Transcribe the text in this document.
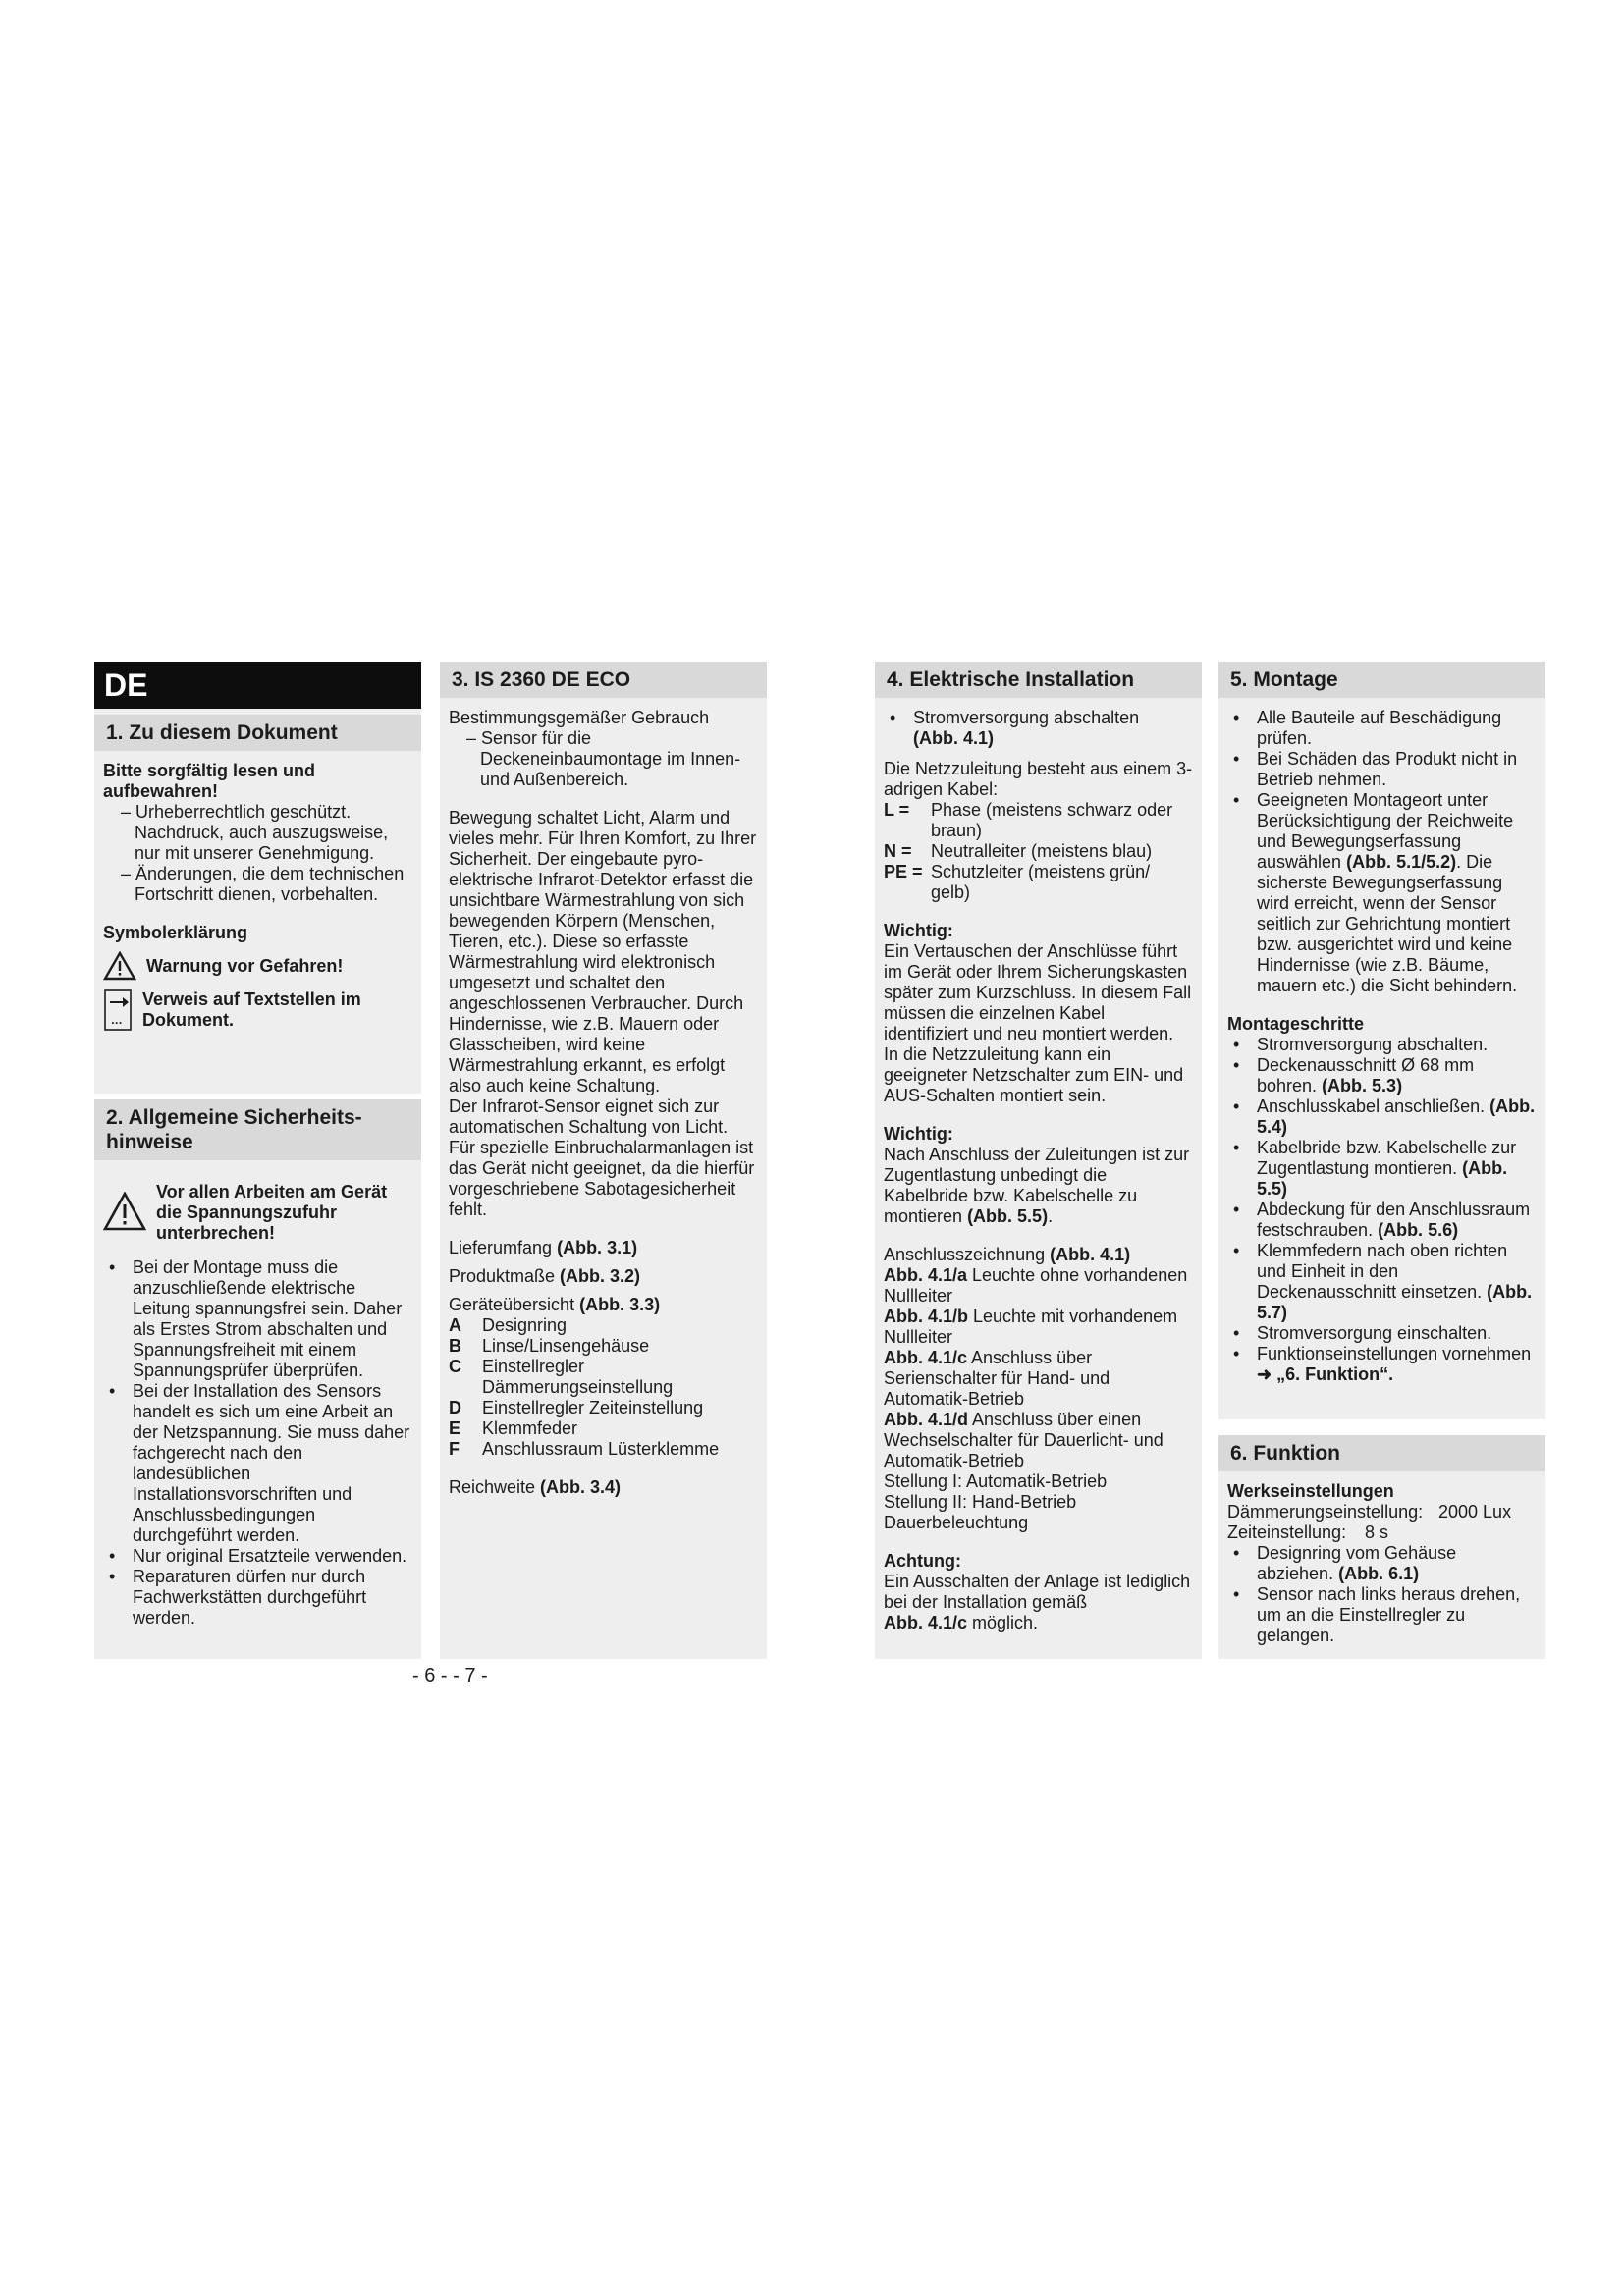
DE
1. Zu diesem Dokument

Bitte sorgfältig lesen und aufbewahren!

– Urheberrechtlich geschützt. Nachdruck, auch auszugsweise, nur mit unserer Genehmigung.

– Änderungen, die dem technischen Fortschritt dienen, vorbehalten.

Symbolerklärung

Warnung vor Gefahren!
...
Verweis auf Textstellen im Dokument.
2. Allgemeine Sicherheits- hinweise
Vor allen Arbeiten am Gerät die Spannungszufuhr unterbrechen!

• Bei der Montage muss die anzuschließende elektrische Leitung spannungsfrei sein. Daher als Erstes Strom abschalten und Spannungsfreiheit mit einem Spannungsprüfer überprüfen.

• Bei der Installation des Sensors handelt es sich um eine Arbeit an der Netzspannung. Sie muss daher fachgerecht nach den landesüblichen Installationsvorschriften und Anschlussbedingungen durchgeführt werden.

• Nur original Ersatzteile verwenden.

• Reparaturen dürfen nur durch Fachwerkstätten durchgeführt werden.

3. IS 2360 DE ECO

Bestimmungsgemäßer Gebrauch

– Sensor für die Deckeneinbaumontage im Innen- und Außenbereich.

Bewegung schaltet Licht, Alarm und vieles mehr. Für Ihren Komfort, zu Ihrer Sicherheit. Der eingebaute pyro-elektrische Infrarot-Detektor erfasst die unsichtbare Wärmestrahlung von sich bewegenden Körpern (Menschen, Tieren, etc.). Diese so erfasste Wärmestrahlung wird elektronisch umgesetzt und schaltet den angeschlossenen Verbraucher. Durch Hindernisse, wie z.B. Mauern oder Glasscheiben, wird keine Wärmestrahlung erkannt, es erfolgt also auch keine Schaltung.

Der Infrarot-Sensor eignet sich zur automatischen Schaltung von Licht. Für spezielle Einbruchalarmanlagen ist das Gerät nicht geeignet, da die hierfür vorgeschriebene Sabotagesicherheit fehlt.

Lieferumfang (Abb. 3.1)

Produktmaße (Abb. 3.2)

Geräteübersicht (Abb. 3.3)

A	Designring
B	Linse/Linsengehäuse
C	Einstellregler Dämmerungseinstellung
D	Einstellregler Zeiteinstellung
E	Klemmfeder
F	Anschlussraum Lüsterklemme

Reichweite (Abb. 3.4)

4. Elektrische Installation

• Stromversorgung abschalten
(Abb. 4.1)

Die Netzzuleitung besteht aus einem 3-adrigen Kabel:

L =	Phase (meistens schwarz oder braun)
N =	Neutralleiter (meistens blau)
PE = Schutzleiter (meistens grün/ gelb)

Wichtig:

Ein Vertauschen der Anschlüsse führt im Gerät oder Ihrem Sicherungskasten später zum Kurzschluss. In diesem Fall müssen die einzelnen Kabel identifiziert und neu montiert werden. In die Netzzuleitung kann ein geeigneter Netzschalter zum EIN- und AUS-Schalten montiert sein.

Wichtig:

Nach Anschluss der Zuleitungen ist zur Zugentlastung unbedingt die Kabelbride bzw. Kabelschelle zu montieren (Abb. 5.5).

Anschlusszeichnung (Abb. 4.1)

Abb. 4.1/a Leuchte ohne vorhandenen Nullleiter

Abb. 4.1/b Leuchte mit vorhandenem Nullleiter

Abb. 4.1/c Anschluss über Serienschalter für Hand- und Automatik-Betrieb

Abb. 4.1/d Anschluss über einen Wechselschalter für Dauerlicht- und Automatik-Betrieb

Stellung I: Automatik-Betrieb

Stellung II: Hand-Betrieb Dauerbeleuchtung

Achtung:

Ein Ausschalten der Anlage ist lediglich bei der Installation gemäß
Abb. 4.1/c möglich.

5. Montage

• Alle Bauteile auf Beschädigung prüfen.

• Bei Schäden das Produkt nicht in Betrieb nehmen.

• Geeigneten Montageort unter Berücksichtigung der Reichweite und Bewegungserfassung auswählen (Abb. 5.1/5.2). Die sicherste Bewegungserfassung wird erreicht, wenn der Sensor seitlich zur Gehrichtung montiert bzw. ausgerichtet wird und keine Hindernisse (wie z.B. Bäume, mauern etc.) die Sicht behindern.

Montageschritte

• Stromversorgung abschalten.

• Deckenausschnitt Ø 68 mm bohren. (Abb. 5.3)

• Anschlusskabel anschließen. (Abb. 5.4)

• Kabelbride bzw. Kabelschelle zur Zugentlastung montieren. (Abb. 5.5)

• Abdeckung für den Anschlussraum festschrauben. (Abb. 5.6)

• Klemmfedern nach oben richten und Einheit in den Deckenausschnitt einsetzen. (Abb. 5.7)

• Stromversorgung einschalten.

• Funktionseinstellungen vornehmen ➜ „6. Funktion“.

6. Funktion

Werkseinstellungen

Dämmerungseinstellung: 2000 Lux
Zeiteinstellung:	8 s

• Designring vom Gehäuse abziehen. (Abb. 6.1)

• Sensor nach links heraus drehen, um an die Einstellregler zu gelangen.

- 6 - - 7 -
